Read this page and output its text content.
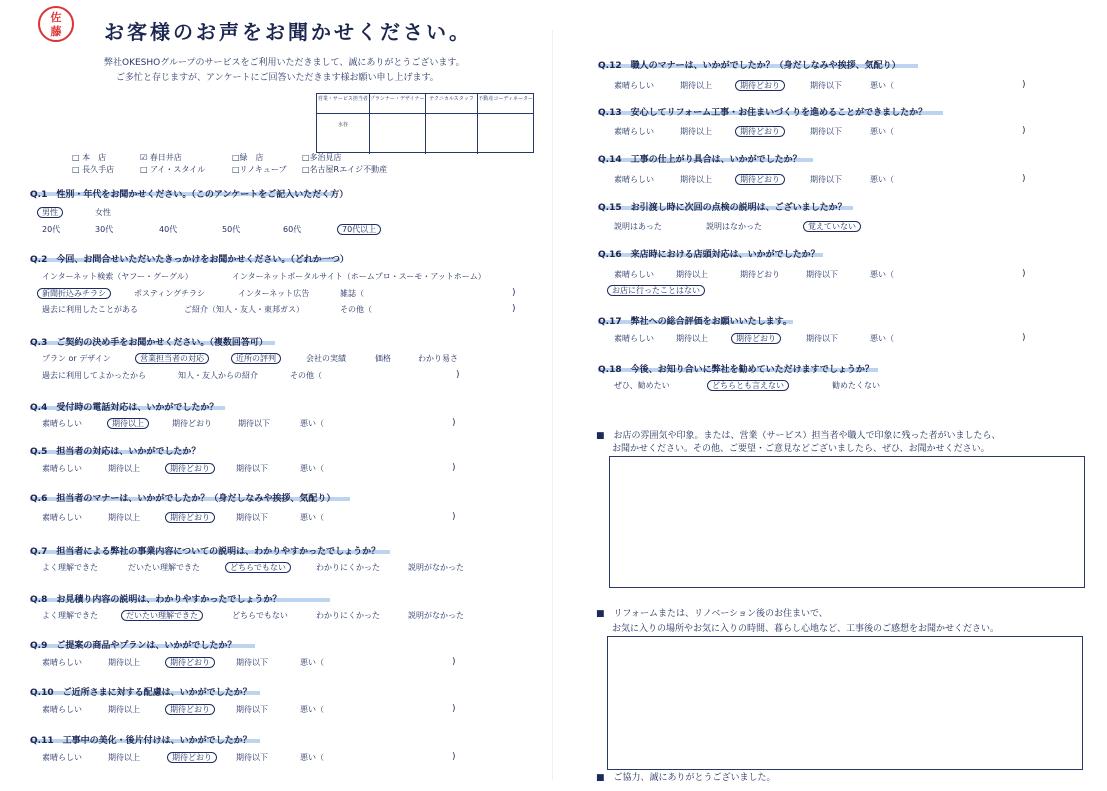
佐
藤	お客様のお声をお聞かせください。
弊社OKESHOグループのサービスをご利用いただきまして、誠にありがとうございます。
ご多忙と存じますが、アンケートにご回答いただきます様お願い申し上げます。
営業・サービス担当者 プランナー・デザイナー テクニカルスタッフ 不動産コーディネーター
水谷
□ 本　店	☑ 春日井店	□緑　店	□多治見店
□ 長久手店	□ アイ・スタイル	□リノキューブ □名古屋Rエイジ不動産
Q.1　性別・年代をお聞かせください。（このアンケートをご記入いただく方）
男性	女性
20代	30代	40代	50代	60代	70代以上
Q.2　今回、お問合せいただいたきっかけをお聞かせください。（どれか一つ）
インターネット検索（ヤフー・グーグル）	インターネットポータルサイト（ホームプロ・スーモ・アットホーム）
新聞折込みチラシ	ポスティングチラシ	インターネット広告	雑誌（	)
過去に利用したことがある	ご紹介（知人・友人・東邦ガス）	その他（	)
Q.3　ご契約の決め手をお聞かせください。（複数回答可）
プラン or デザイン	営業担当者の対応	近所の評判	会社の実績	価格	わかり易さ
過去に利用してよかったから	知人・友人からの紹介	その他（	)
Q.4　受付時の電話対応は、いかがでしたか？
素晴らしい	期待以上	期待どおり	期待以下	悪い（	)
Q.5　担当者の対応は、いかがでしたか？
素晴らしい	期待以上	期待どおり	期待以下	悪い（	)
Q.6　担当者のマナーは、いかがでしたか？（身だしなみや挨拶、気配り）
素晴らしい	期待以上	期待どおり	期待以下	悪い（	)
Q.7　担当者による弊社の事業内容についての説明は、わかりやすかったでしょうか？
よく理解できた	だいたい理解できた	どちらでもない	わかりにくかった	説明がなかった
Q.8　お見積り内容の説明は、わかりやすかったでしょうか？
よく理解できた	だいたい理解できた	どちらでもない	わかりにくかった	説明がなかった
Q.9　ご提案の商品やプランは、いかがでしたか？
素晴らしい	期待以上	期待どおり	期待以下	悪い（	)
Q.10　ご近所さまに対する配慮は、いかがでしたか？
素晴らしい	期待以上	期待どおり	期待以下	悪い（	)
Q.11　工事中の美化・後片付けは、いかがでしたか？
素晴らしい	期待以上	期待どおり	期待以下	悪い（	)
Q.12　職人のマナーは、いかがでしたか？（身だしなみや挨拶、気配り）
素晴らしい	期待以上	期待どおり	期待以下	悪い（	)
Q.13　安心してリフォーム工事・お住まいづくりを進めることができましたか？
素晴らしい	期待以上	期待どおり	期待以下	悪い（	)
Q.14　工事の仕上がり具合は、いかがでしたか？
素晴らしい	期待以上	期待どおり	期待以下	悪い（	)
Q.15　お引渡し時に次回の点検の説明は、ございましたか？
説明はあった	説明はなかった	覚えていない
Q.16　来店時における店頭対応は、いかがでしたか？
素晴らしい	期待以上	期待どおり	期待以下	悪い（	)
お店に行ったことはない
Q.17　弊社への総合評価をお願いいたします。
素晴らしい	期待以上	期待どおり	期待以下	悪い（	)
Q.18　今後、お知り合いに弊社を勧めていただけますでしょうか？
ぜひ、勧めたい	どちらとも言えない	勧めたくない
■　お店の雰囲気や印象。または、営業（サービス）担当者や職人で印象に残った者がいましたら、
お聞かせください。その他、ご要望・ご意見などございましたら、ぜひ、お聞かせください。
■　リフォームまたは、リノベーション後のお住まいで、
お気に入りの場所やお気に入りの時間、暮らし心地など、工事後のご感想をお聞かせください。
■　ご協力、誠にありがとうございました。
